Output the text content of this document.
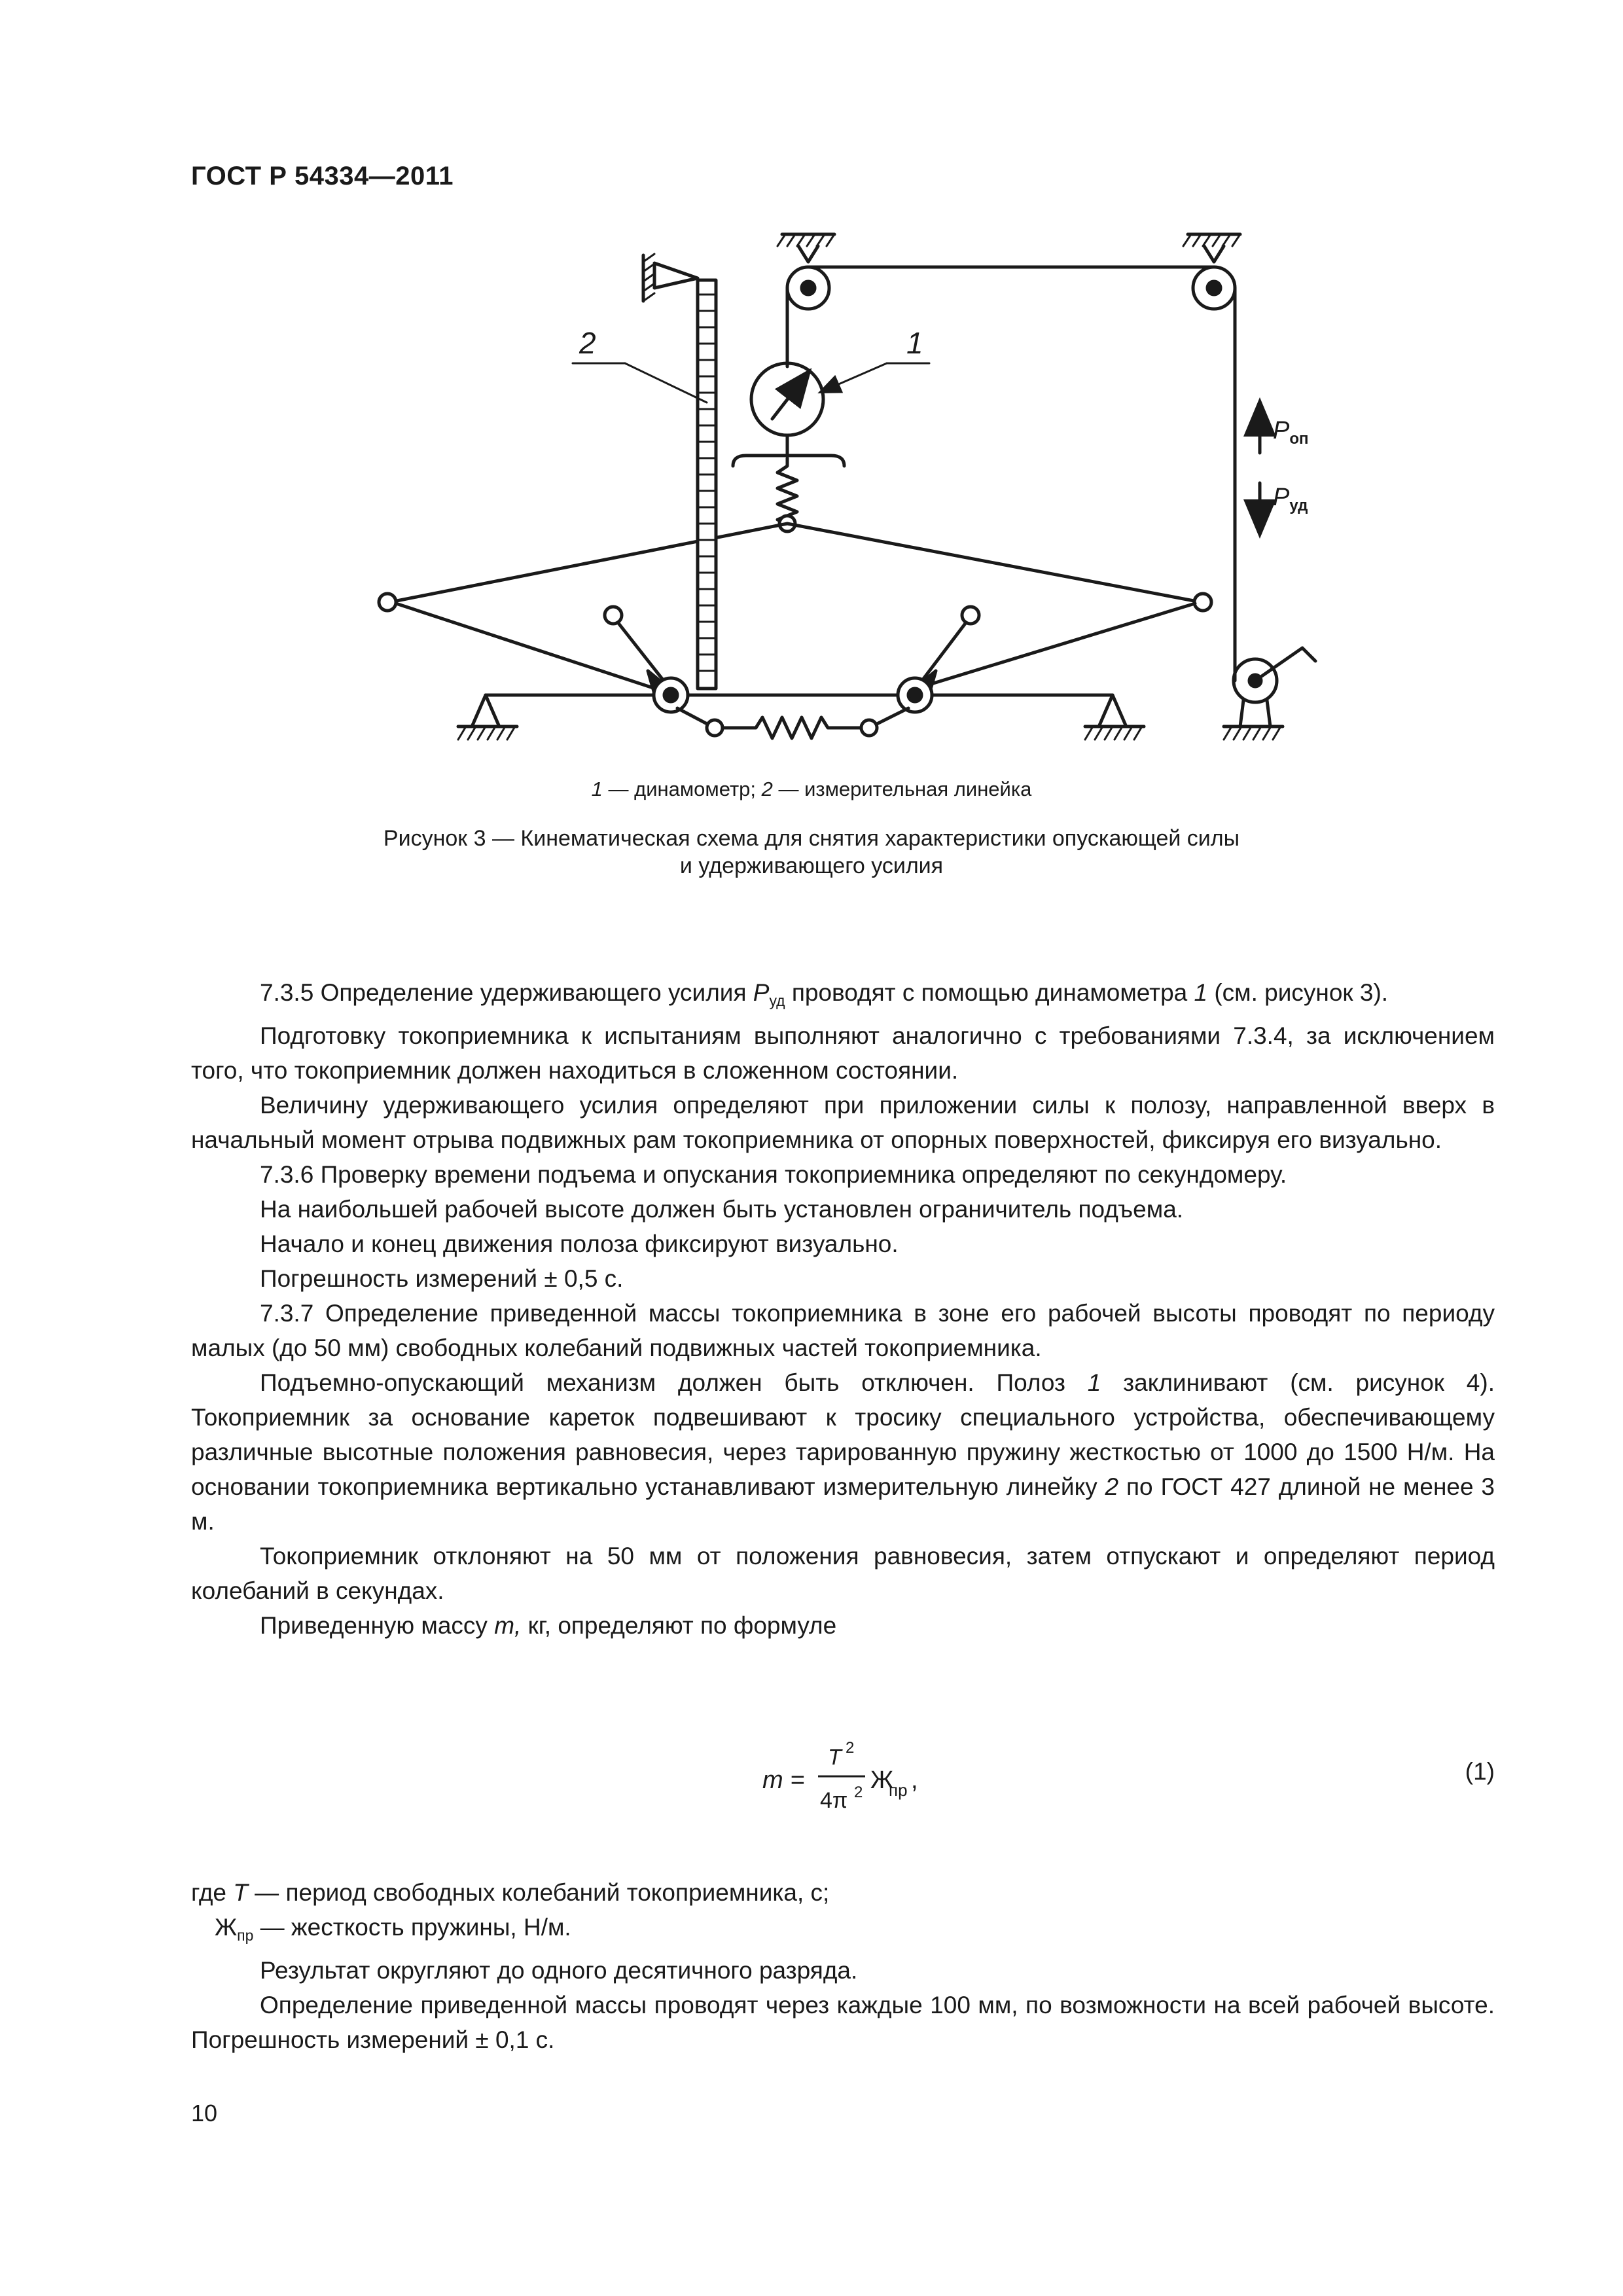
ГОСТ Р 54334—2011
2	1
$P_{оп}$
$P_{уд}$
1 — динамометр; 2 — измерительная линейка
Рисунок 3 — Кинематическая схема для снятия характеристики опускающей силы
и удерживающего усилия

7.3.5 Определение удерживающего усилия $P_{уд}$ проводят с помощью динамометра 1 (см. рисунок 3).

Подготовку токоприемника к испытаниям выполняют аналогично с требованиями 7.3.4, за исключением того, что токоприемник должен находиться в сложенном состоянии.

Величину удерживающего усилия определяют при приложении силы к полозу, направленной вверх в начальный момент отрыва подвижных рам токоприемника от опорных поверхностей, фиксируя его визуально.

7.3.6 Проверку времени подъема и опускания токоприемника определяют по секундомеру.

На наибольшей рабочей высоте должен быть установлен ограничитель подъема.

Начало и конец движения полоза фиксируют визуально.

Погрешность измерений ± 0,5 с.

7.3.7 Определение приведенной массы токоприемника в зоне его рабочей высоты проводят по периоду малых (до 50 мм) свободных колебаний подвижных частей токоприемника.

Подъемно-опускающий механизм должен быть отключен. Полоз 1 заклинивают (см. рисунок 4). Токоприемник за основание кареток подвешивают к тросику специального устройства, обеспечивающему различные высотные положения равновесия, через тарированную пружину жесткостью от 1000 до 1500 Н/м. На основании токоприемника вертикально устанавливают измерительную линейку 2 по ГОСТ 427 длиной не менее 3 м.

Токоприемник отклоняют на 50 мм от положения равновесия, затем отпускают и определяют период колебаний в секундах.

Приведенную массу m, кг, определяют по формуле

m =
T 2
4π 2 Ж
пр ,	(1)

где T — период свободных колебаний токоприемника, с;

$Ж_{пр}$ — жесткость пружины, Н/м.

Результат округляют до одного десятичного разряда.

Определение приведенной массы проводят через каждые 100 мм, по возможности на всей рабочей высоте. Погрешность измерений ± 0,1 с.

10
